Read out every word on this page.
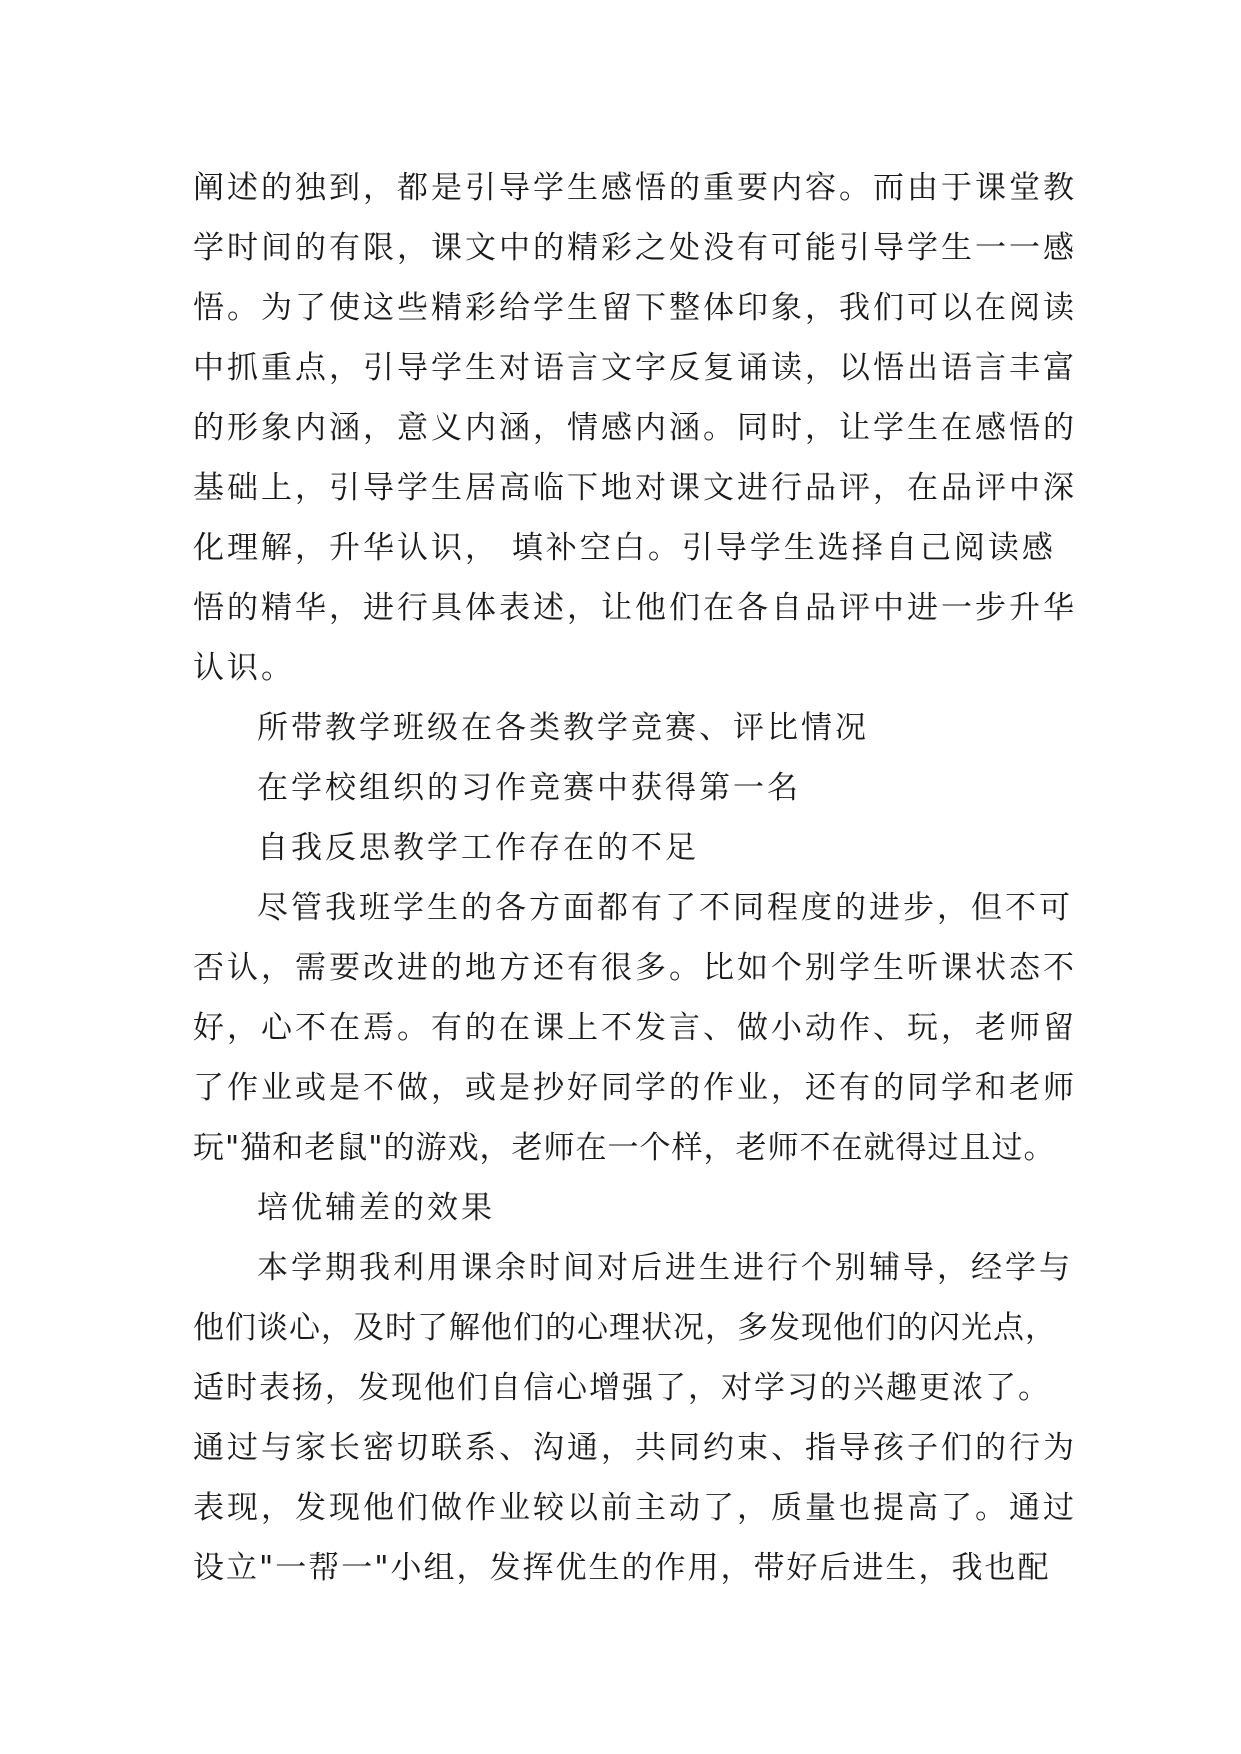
阐述的独到，都是引导学生感悟的重要内容。而由于课堂教
学时间的有限，课文中的精彩之处没有可能引导学生一一感
悟。为了使这些精彩给学生留下整体印象，我们可以在阅读
中抓重点，引导学生对语言文字反复诵读，以悟出语言丰富
的形象内涵，意义内涵，情感内涵。同时，让学生在感悟的
基础上，引导学生居高临下地对课文进行品评，在品评中深
化理解，升华认识， 填补空白。引导学生选择自己阅读感
悟的精华，进行具体表述，让他们在各自品评中进一步升华
认识。
所带教学班级在各类教学竞赛、评比情况
在学校组织的习作竞赛中获得第一名
自我反思教学工作存在的不足
尽管我班学生的各方面都有了不同程度的进步，但不可
否认，需要改进的地方还有很多。比如个别学生听课状态不
好，心不在焉。有的在课上不发言、做小动作、玩，老师留
了作业或是不做，或是抄好同学的作业，还有的同学和老师
玩"猫和老鼠"的游戏，老师在一个样，老师不在就得过且过。
培优辅差的效果
本学期我利用课余时间对后进生进行个别辅导，经学与
他们谈心，及时了解他们的心理状况，多发现他们的闪光点，
适时表扬，发现他们自信心增强了，对学习的兴趣更浓了。
通过与家长密切联系、沟通，共同约束、指导孩子们的行为
表现，发现他们做作业较以前主动了，质量也提高了。通过
设立"一帮一"小组，发挥优生的作用，带好后进生，我也配
